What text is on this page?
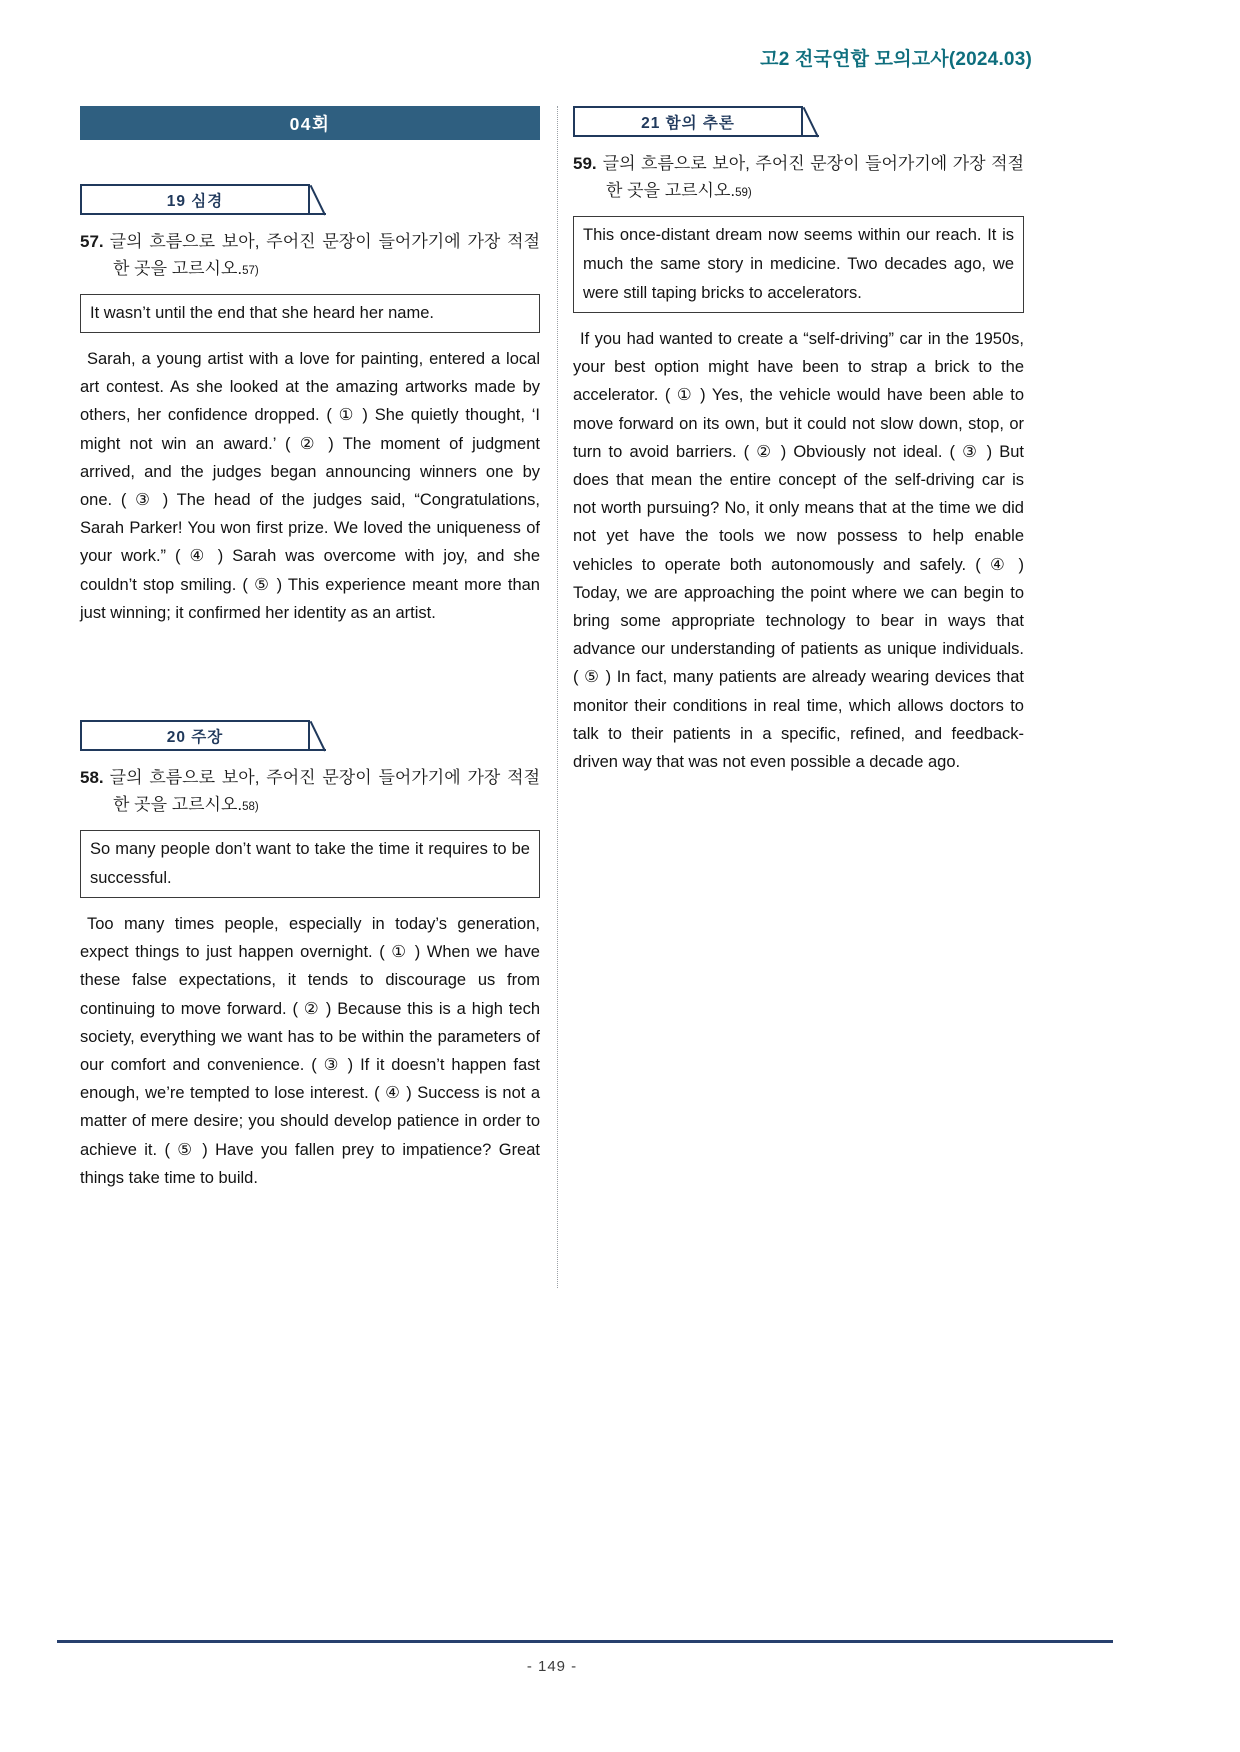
고2 전국연합 모의고사(2024.03)
04회
19 심경
57. 글의 흐름으로 보아, 주어진 문장이 들어가기에 가장 적절한 곳을 고르시오.57)
It wasn’t until the end that she heard her name.

Sarah, a young artist with a love for painting, entered a local art contest. As she looked at the amazing artworks made by others, her confidence dropped. ( ① ) She quietly thought, ‘I might not win an award.’ ( ② ) The moment of judgment arrived, and the judges began announcing winners one by one. ( ③ ) The head of the judges said, “Congratulations, Sarah Parker! You won first prize. We loved the uniqueness of your work.” ( ④ ) Sarah was overcome with joy, and she couldn’t stop smiling. ( ⑤ ) This experience meant more than just winning; it confirmed her identity as an artist.

20 주장
58. 글의 흐름으로 보아, 주어진 문장이 들어가기에 가장 적절한 곳을 고르시오.58)
So many people don’t want to take the time it requires to be successful.

Too many times people, especially in today’s generation, expect things to just happen overnight. ( ① ) When we have these false expectations, it tends to discourage us from continuing to move forward. ( ② ) Because this is a high tech society, everything we want has to be within the parameters of our comfort and convenience. ( ③ ) If it doesn’t happen fast enough, we’re tempted to lose interest. ( ④ ) Success is not a matter of mere desire; you should develop patience in order to achieve it. ( ⑤ ) Have you fallen prey to impatience? Great things take time to build.

21 함의 추론
59. 글의 흐름으로 보아, 주어진 문장이 들어가기에 가장 적절한 곳을 고르시오.59)
This once-distant dream now seems within our reach. It is much the same story in medicine. Two decades ago, we were still taping bricks to accelerators.

If you had wanted to create a “self-driving” car in the 1950s, your best option might have been to strap a brick to the accelerator. ( ① ) Yes, the vehicle would have been able to move forward on its own, but it could not slow down, stop, or turn to avoid barriers. ( ② ) Obviously not ideal. ( ③ ) But does that mean the entire concept of the self-driving car is not worth pursuing? No, it only means that at the time we did not yet have the tools we now possess to help enable vehicles to operate both autonomously and safely. ( ④ ) Today, we are approaching the point where we can begin to bring some appropriate technology to bear in ways that advance our understanding of patients as unique individuals. ( ⑤ ) In fact, many patients are already wearing devices that monitor their conditions in real time, which allows doctors to talk to their patients in a specific, refined, and feedback-driven way that was not even possible a decade ago.

- 149 -
